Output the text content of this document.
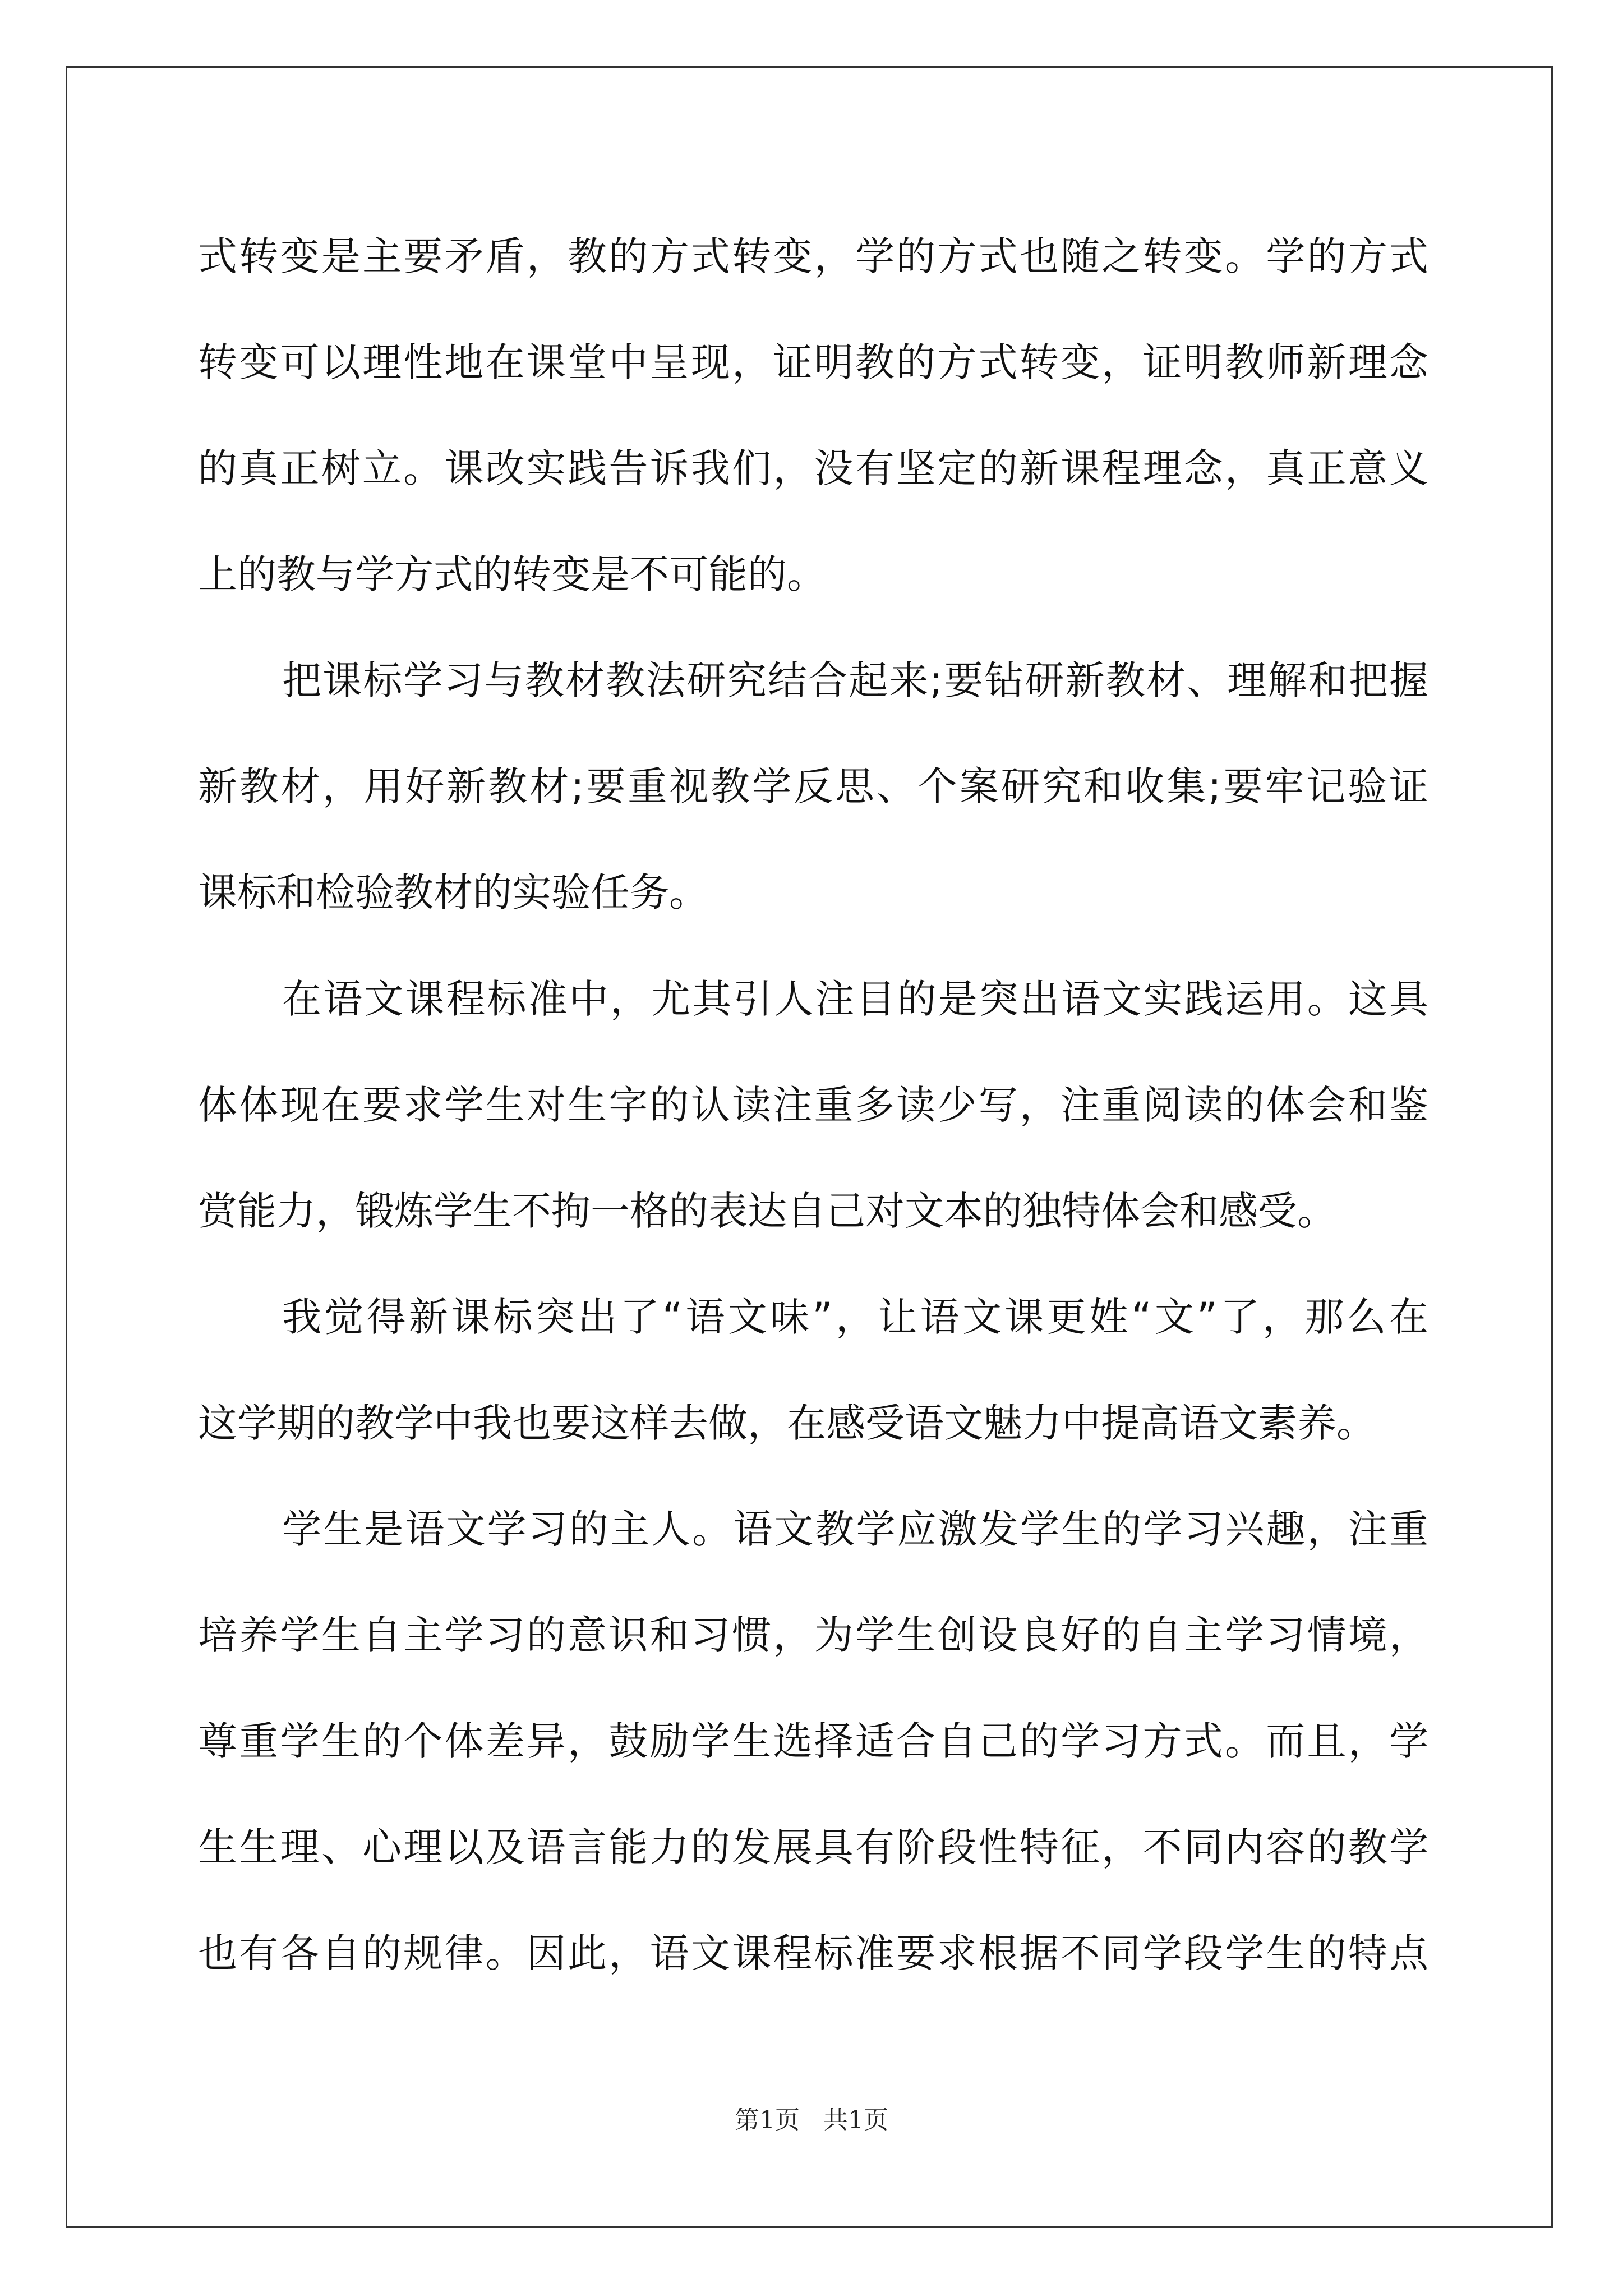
式转变是主要矛盾，教的方式转变，学的方式也随之转变。学的方式

转变可以理性地在课堂中呈现，证明教的方式转变，证明教师新理念

的真正树立。课改实践告诉我们，没有坚定的新课程理念，真正意义

上的教与学方式的转变是不可能的。

把课标学习与教材教法研究结合起来;要钻研新教材、理解和把握

新教材，用好新教材;要重视教学反思、个案研究和收集;要牢记验证

课标和检验教材的实验任务。

在语文课程标准中，尤其引人注目的是突出语文实践运用。这具

体体现在要求学生对生字的认读注重多读少写，注重阅读的体会和鉴

赏能力，锻炼学生不拘一格的表达自己对文本的独特体会和感受。

我觉得新课标突出了“语文味”，让语文课更姓“文”了，那么在

这学期的教学中我也要这样去做，在感受语文魅力中提高语文素养。

学生是语文学习的主人。语文教学应激发学生的学习兴趣，注重

培养学生自主学习的意识和习惯，为学生创设良好的自主学习情境，

尊重学生的个体差异，鼓励学生选择适合自己的学习方式。而且，学

生生理、心理以及语言能力的发展具有阶段性特征，不同内容的教学

也有各自的规律。因此，语文课程标准要求根据不同学段学生的特点

第1页   共1页
